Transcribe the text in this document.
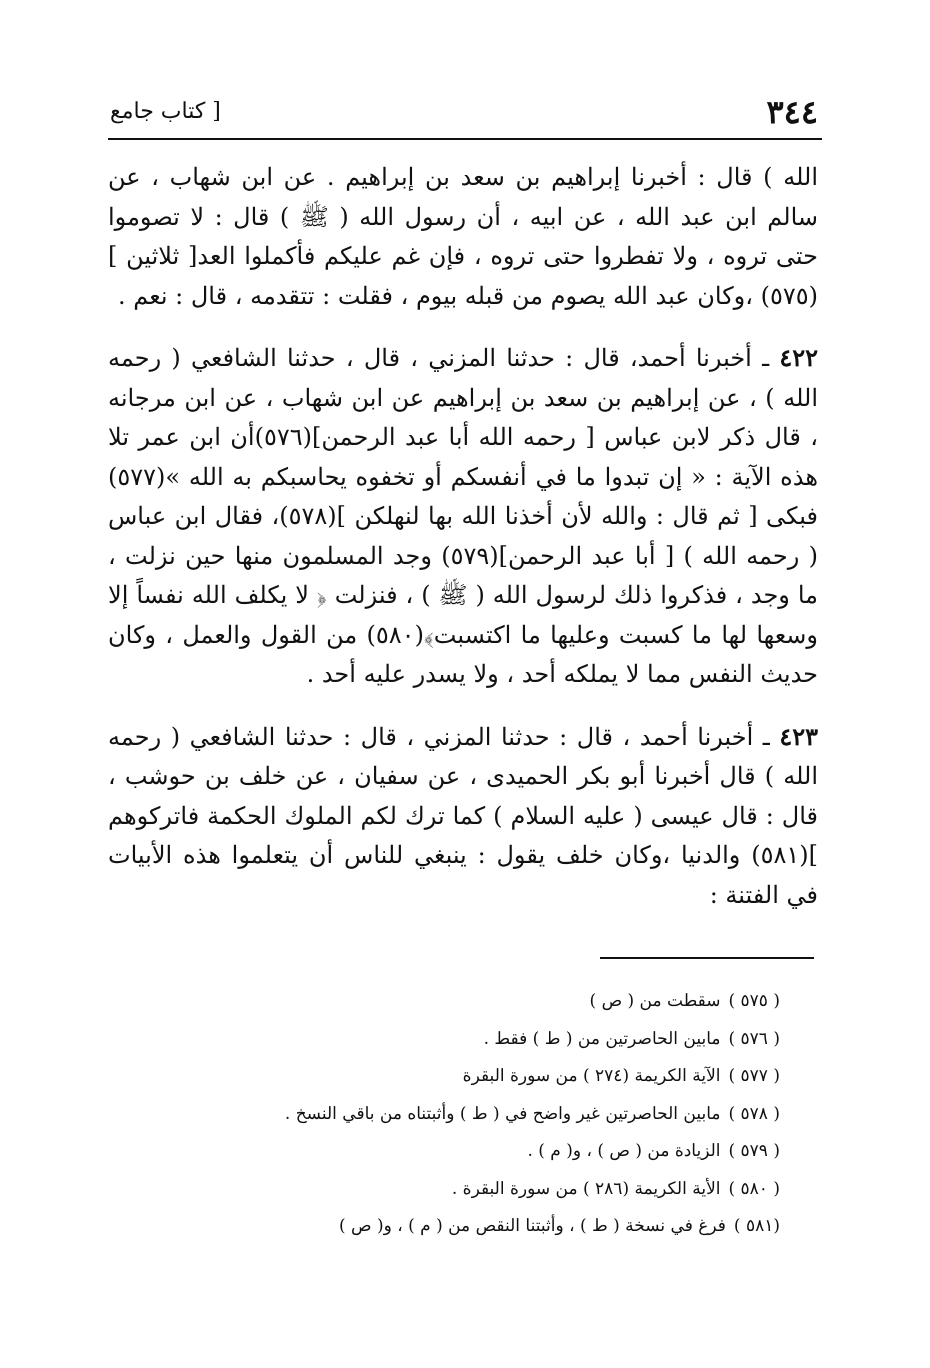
٣٤٤
[ كتاب جامع

الله ) قال : أخبرنا إبراهيم بن سعد بن إبراهيم . عن ابن شهاب ، عن سالم ابن عبد الله ، عن ابيه ، أن رسول الله ( ﷺ ) قال : لا تصوموا حتى تروه ، ولا تفطروا حتى تروه ، فإن غم عليكم فأكملوا العد[ ثلاثين ](٥٧٥) ،وكان عبد الله يصوم من قبله بيوم ، فقلت : تتقدمه ، قال : نعم .

٤٢٢ ـ أخبرنا أحمد، قال : حدثنا المزني ، قال ، حدثنا الشافعي ( رحمه الله ) ، عن إبراهيم بن سعد بن إبراهيم عن ابن شهاب ، عن ابن مرجانه ، قال ذكر لابن عباس [ رحمه الله أبا عبد الرحمن](٥٧٦)أن ابن عمر تلا هذه الآية : « إن تبدوا ما في أنفسكم أو تخفوه يحاسبكم به الله »(٥٧٧) فبكى [ ثم قال : والله لأن أخذنا الله بها لنهلكن ](٥٧٨)، فقال ابن عباس ( رحمه الله ) [ أبا عبد الرحمن](٥٧٩) وجد المسلمون منها حين نزلت ، ما وجد ، فذكروا ذلك لرسول الله ( ﷺ ) ، فنزلت ﴿ لا يكلف الله نفساً إلا وسعها لها ما كسبت وعليها ما اكتسبت﴾(٥٨٠) من القول والعمل ، وكان حديث النفس مما لا يملكه أحد ، ولا يسدر عليه أحد .

٤٢٣ ـ أخبرنا أحمد ، قال : حدثنا المزني ، قال : حدثنا الشافعي ( رحمه الله ) قال أخبرنا أبو بكر الحميدى ، عن سفيان ، عن خلف بن حوشب ، قال : قال عيسى ( عليه السلام ) كما ترك لكم الملوك الحكمة فاتركوهم ](٥٨١) والدنيا ،وكان خلف يقول : ينبغي للناس أن يتعلموا هذه الأبيات في الفتنة :

( ٥٧٥ )سقطت من ( ص )
( ٥٧٦ )مابين الحاصرتين من ( ط ) فقط .
( ٥٧٧ )الآية الكريمة (٢٧٤ ) من سورة البقرة
( ٥٧٨ )مابين الحاصرتين غير واضح في ( ط ) وأثبتناه من باقي النسخ .
( ٥٧٩ )الزيادة من ( ص ) ، و( م ) .
( ٥٨٠ )الأية الكريمة (٢٨٦ ) من سورة البقرة .
(٥٨١ )فرغ في نسخة ( ط ) ، وأثبتنا النقص من ( م ) ، و( ص )
